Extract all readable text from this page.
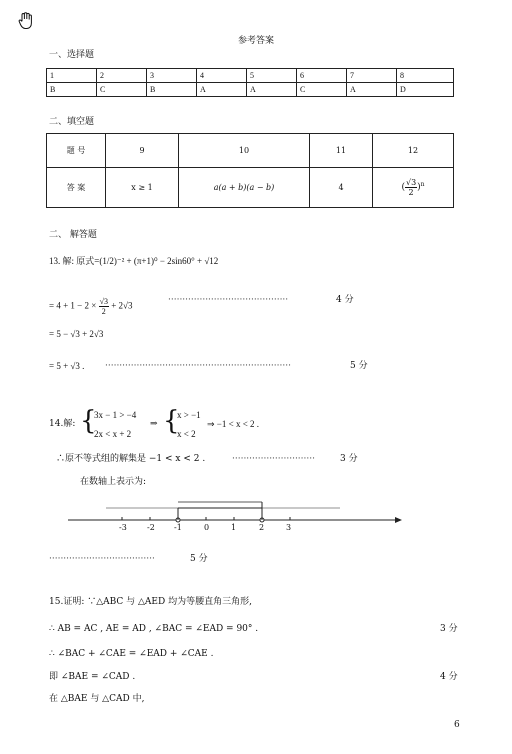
参考答案
一、选择题
1	2	3	4	5	6	7	8
B	C	B	A	A	C	A	D
二、填空题
题 号	9	10	11	12
答 案	x ≥ 1	a(a + b)(a − b)	4	( $\frac{√3}{2} )^n$
二、 解答题
13. 解: 原式=(1/2)⁻² + (π+1)⁰ − 2sin60° + √12
= $4 + 1 - 2 \times \frac{√3}{2} + 2√3$
··········································	4 分
= 5 − √3 + 2√3
= 5 + √3 . ·································································	5 分
14.解: {
3x − 1 > −4
2x < x + 2
⇒ {
x > −1
x < 2
⇒ −1 < x < 2 .
∴原不等式组的解集是 −1 < x < 2 .	·····························	3 分
在数轴上表示为:
-3	-2 -1	0	1	2	3
·····································	5 分
15.证明: ∵△ABC 与 △AED 均为等腰直角三角形,
∴ AB = AC , AE = AD , ∠BAC = ∠EAD = 90° .	3 分
∴ ∠BAC + ∠CAE = ∠EAD + ∠CAE .
即 ∠BAE = ∠CAD .	4 分
在 △BAE 与 △CAD 中,
6
